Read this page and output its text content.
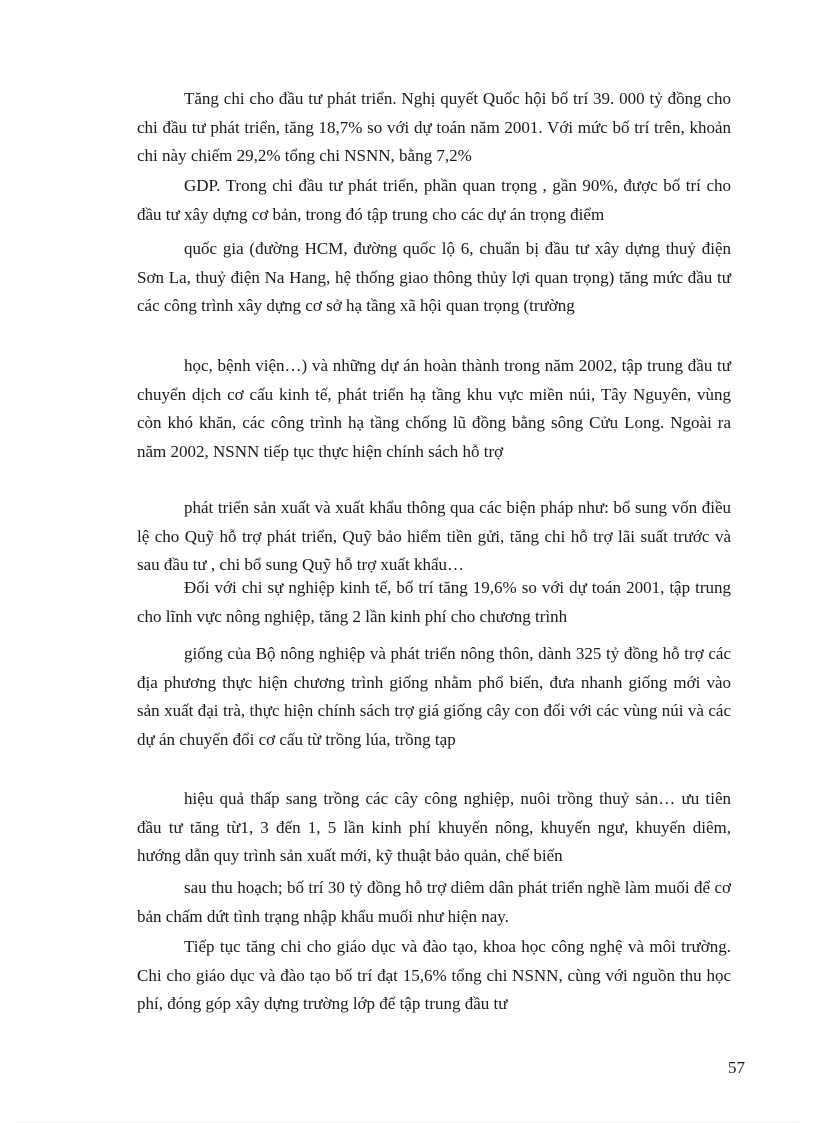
Tăng chi cho đầu tư phát triển. Nghị quyết Quốc hội bố trí 39. 000 tỷ đồng cho chi đầu tư phát triển, tăng 18,7% so với dự toán năm 2001. Với mức bố trí trên, khoản chi này chiếm 29,2% tổng chi NSNN, bằng 7,2%

GDP. Trong chi đầu tư phát triển, phần quan trọng , gần 90%, được bố trí cho đầu tư xây dựng cơ bản, trong đó tập trung cho các dự án trọng điểm

quốc gia (đường HCM, đường quốc lộ 6, chuẩn bị đầu tư xây dựng thuỷ điện Sơn La, thuỷ điện Na Hang, hệ thống giao thông thủy lợi quan trọng) tăng mức đầu tư các công trình xây dựng cơ sở hạ tầng xã hội quan trọng (trường

học, bệnh viện…) và những dự án hoàn thành trong năm 2002, tập trung đầu tư chuyển dịch cơ cấu kinh tế, phát triển hạ tầng khu vực miền núi, Tây Nguyên, vùng còn khó khăn, các công trình hạ tầng chống lũ đồng bằng sông Cửu Long. Ngoài ra năm 2002, NSNN tiếp tục thực hiện chính sách hỗ trợ

phát triển sản xuất và xuất khẩu thông qua các biện pháp như: bổ sung vốn điều lệ cho Quỹ hỗ trợ phát triển, Quỹ bảo hiểm tiền gửi, tăng chi hỗ trợ lãi suất trước và sau đầu tư , chi bổ sung Quỹ hỗ trợ xuất khẩu…

Đối với chi sự nghiệp kinh tế, bố trí tăng 19,6% so với dự toán 2001, tập trung cho lĩnh vực nông nghiệp, tăng 2 lần kinh phí cho chương trình

giống của Bộ nông nghiệp và phát triển nông thôn, dành 325 tỷ đồng hỗ trợ các địa phương thực hiện chương trình giống nhằm phổ biến, đưa nhanh giống mới vào sản xuất đại trà, thực hiện chính sách trợ giá giống cây con đối với các vùng núi và các dự án chuyển đổi cơ cấu từ trồng lúa, trồng tạp

hiệu quả thấp sang trồng các cây công nghiệp, nuôi trồng thuỷ sản… ưu tiên đầu tư tăng từ1, 3 đến 1, 5 lần kinh phí khuyến nông, khuyến ngư, khuyến diêm, hướng dẫn quy trình sản xuất mới, kỹ thuật bảo quản, chế biến

sau thu hoạch; bố trí 30 tỷ đồng hỗ trợ diêm dân phát triển nghề làm muối để cơ bản chấm dứt tình trạng nhập khẩu muối như hiện nay.

Tiếp tục tăng chi cho giáo dục và đào tạo, khoa học công nghệ và môi trường. Chi cho giáo dục và đào tạo bố trí đạt 15,6% tổng chi NSNN, cùng với nguồn thu học phí, đóng góp xây dựng trường lớp để tập trung đầu tư

57
